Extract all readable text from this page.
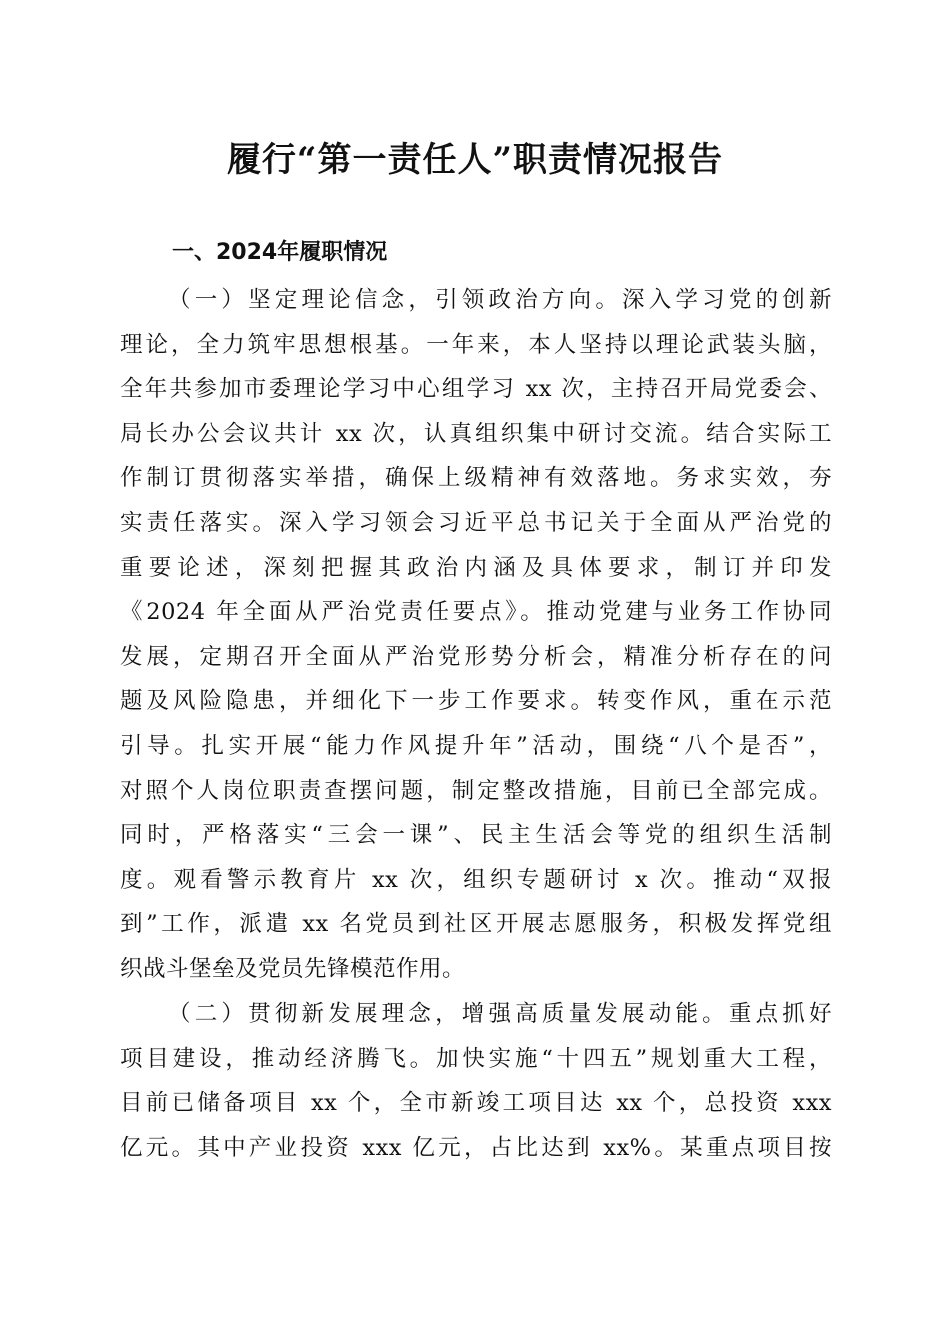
履行“第一责任人”职责情况报告
一、2024年履职情况
（一）坚定理论信念，引领政治方向。深入学习党的创新
理论，全力筑牢思想根基。一年来，本人坚持以理论武装头脑，
全年共参加市委理论学习中心组学习 xx 次，主持召开局党委会、
局长办公会议共计 xx 次，认真组织集中研讨交流。结合实际工
作制订贯彻落实举措，确保上级精神有效落地。务求实效，夯
实责任落实。深入学习领会习近平总书记关于全面从严治党的
重要论述，深刻把握其政治内涵及具体要求，制订并印发
《2024 年全面从严治党责任要点》。推动党建与业务工作协同
发展，定期召开全面从严治党形势分析会，精准分析存在的问
题及风险隐患，并细化下一步工作要求。转变作风，重在示范
引导。扎实开展“能力作风提升年”活动，围绕“八个是否”，
对照个人岗位职责查摆问题，制定整改措施，目前已全部完成。
同时，严格落实“三会一课”、民主生活会等党的组织生活制
度。观看警示教育片 xx 次，组织专题研讨 x 次。推动“双报
到”工作，派遣 xx 名党员到社区开展志愿服务，积极发挥党组
织战斗堡垒及党员先锋模范作用。
（二）贯彻新发展理念，增强高质量发展动能。重点抓好
项目建设，推动经济腾飞。加快实施“十四五”规划重大工程，
目前已储备项目 xx 个，全市新竣工项目达 xx 个，总投资 xxx
亿元。其中产业投资 xxx 亿元，占比达到 xx%。某重点项目按
